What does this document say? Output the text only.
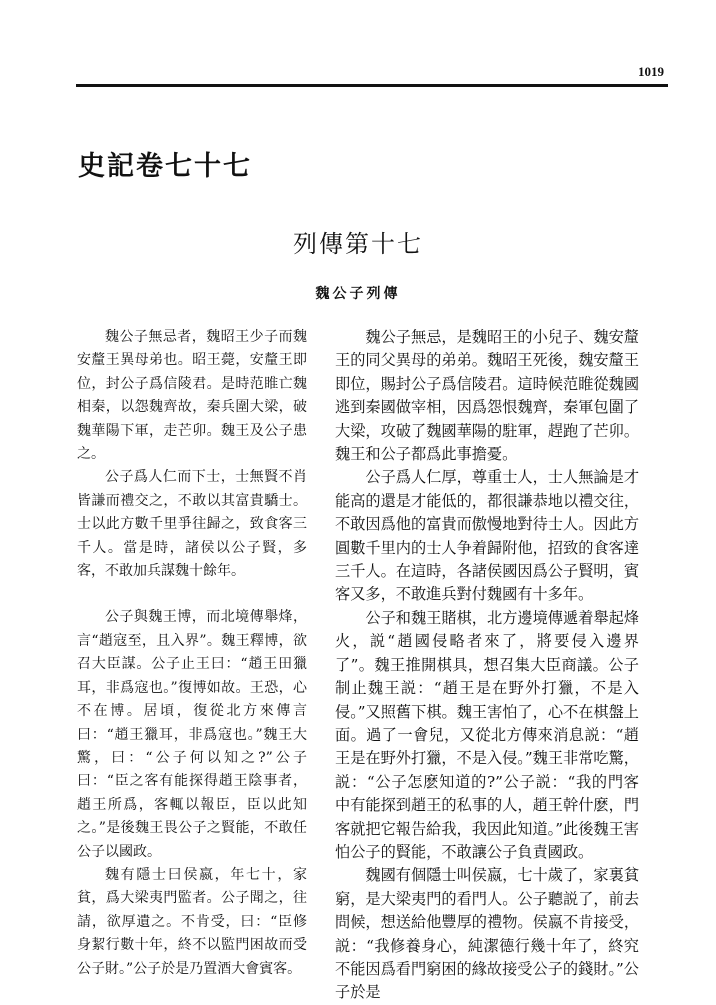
1019
史記卷七十七
列傳第十七
魏公子列傳

魏公子無忌者，魏昭王少子而魏安釐王異母弟也。昭王薨，安釐王即位，封公子爲信陵君。是時范睢亡魏相秦，以怨魏齊故，秦兵圍大梁，破魏華陽下軍，走芒卯。魏王及公子患之。

公子爲人仁而下士，士無賢不肖皆謙而禮交之，不敢以其富貴驕士。士以此方數千里爭往歸之，致食客三千人。當是時，諸侯以公子賢，多客，不敢加兵謀魏十餘年。

公子與魏王博，而北境傳舉烽，言“趙寇至，且入界”。魏王釋博，欲召大臣謀。公子止王曰：“趙王田獵耳，非爲寇也。”復博如故。王恐，心不在博。居頃，復從北方來傳言曰：“趙王獵耳，非爲寇也。”魏王大驚，曰：“公子何以知之?”公子曰：“臣之客有能探得趙王陰事者，趙王所爲，客輒以報臣，臣以此知之。”是後魏王畏公子之賢能，不敢任公子以國政。

魏有隱士曰侯嬴，年七十，家貧，爲大梁夷門監者。公子聞之，往請，欲厚遺之。不肯受，曰：“臣修身絜行數十年，終不以監門困故而受公子財。”公子於是乃置酒大會賓客。

魏公子無忌，是魏昭王的小兒子、魏安釐王的同父異母的弟弟。魏昭王死後，魏安釐王即位，賜封公子爲信陵君。這時候范睢從魏國逃到秦國做宰相，因爲怨恨魏齊，秦軍包圍了大梁，攻破了魏國華陽的駐軍，趕跑了芒卯。魏王和公子都爲此事擔憂。

公子爲人仁厚，尊重士人，士人無論是才能高的還是才能低的，都很謙恭地以禮交往，不敢因爲他的富貴而傲慢地對待士人。因此方圓數千里内的士人争着歸附他，招致的食客達三千人。在這時，各諸侯國因爲公子賢明，賓客又多，不敢進兵對付魏國有十多年。

公子和魏王賭棋，北方邊境傳遞着舉起烽火，説“趙國侵略者來了，將要侵入邊界了”。魏王推開棋具，想召集大臣商議。公子制止魏王説：“趙王是在野外打獵，不是入侵。”又照舊下棋。魏王害怕了，心不在棋盤上面。過了一會兒，又從北方傳來消息説：“趙王是在野外打獵，不是入侵。”魏王非常吃驚，説：“公子怎麽知道的?”公子説：“我的門客中有能探到趙王的私事的人，趙王幹什麽，門客就把它報告給我，我因此知道。”此後魏王害怕公子的賢能，不敢讓公子負責國政。

魏國有個隱士叫侯嬴，七十歲了，家裏貧窮，是大梁夷門的看門人。公子聽説了，前去問候，想送給他豐厚的禮物。侯嬴不肯接受，説：“我修養身心，純潔德行幾十年了，終究不能因爲看門窮困的緣故接受公子的錢財。”公子於是
